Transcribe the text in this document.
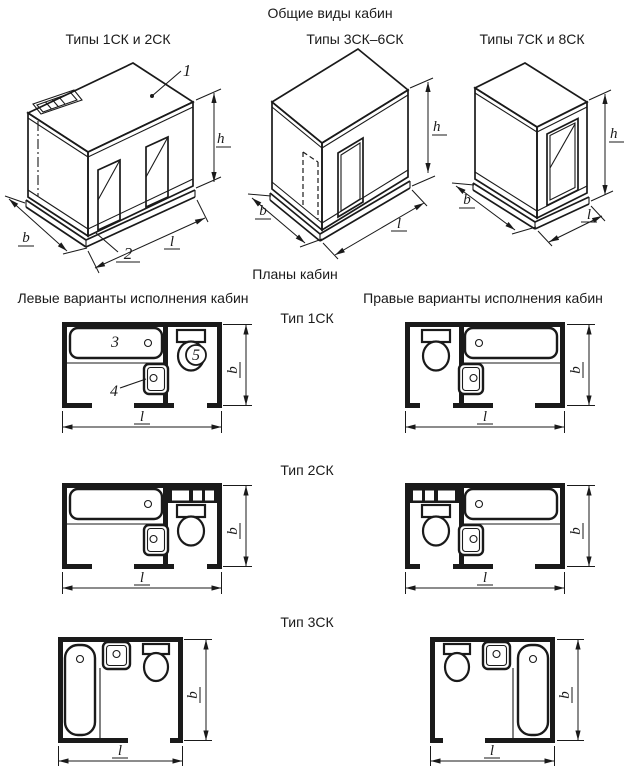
Общие виды кабин
Типы 1СК и 2СК	Типы 3СК–6СК	Типы 7СК и 8СК
1
2
h
b	l
h
b
l
h
b
l
Планы кабин
Левые варианты исполнения кабин	Правые варианты исполнения кабин
Тип 1СК
Тип 2СК
Тип 3СК
3
4
5
l
b
l
b
l
b
l
b
l
b
l
b
